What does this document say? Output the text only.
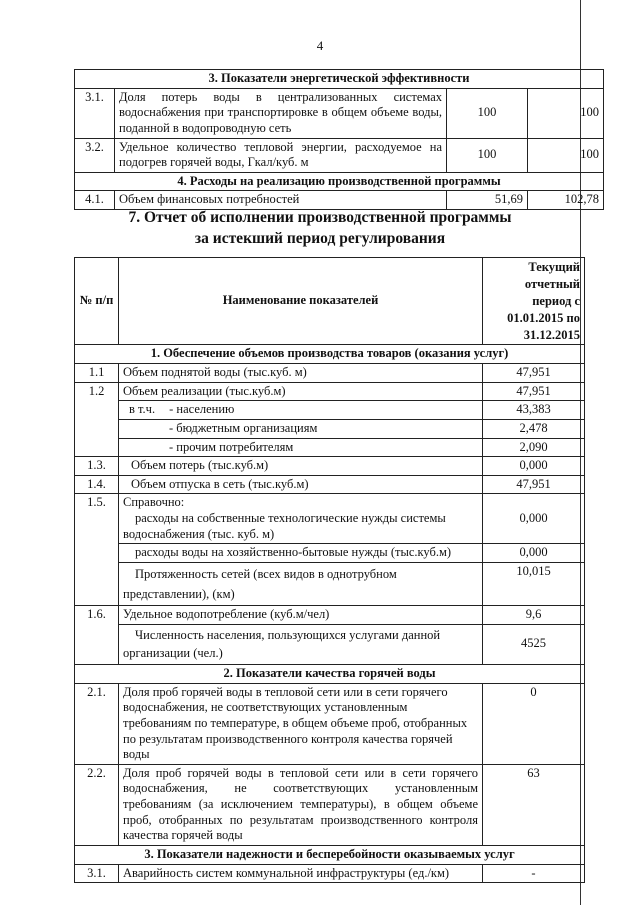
4
3. Показатели энергетической эффективности			
3.1.	Доля потерь воды в централизованных системах водоснабжения при транспортировке в общем объеме воды, поданной в водопроводную сеть	100	100
3.2.	Удельное количество тепловой энергии, расходуемое на подогрев горячей воды, Гкал/куб. м	100	100
4. Расходы на реализацию производственной программы			
4.1.	Объем финансовых потребностей	51,69	102,78
7. Отчет об исполнении производственной программы
за истекший период регулирования
№ п/п	Наименование показателей	Текущий отчетный период с 01.01.2015 по 31.12.2015
1. Обеспечение объемов производства товаров (оказания услуг)		
1.1	Объем поднятой воды (тыс.куб. м)	47,951
1.2	Объем реализации (тыс.куб.м)	47,951
	в т.ч. - населению	43,383
	- бюджетным организациям	2,478
	- прочим потребителям	2,090
1.3.	Объем потерь (тыс.куб.м)	0,000
1.4.	Объем отпуска в сеть (тыс.куб.м)	47,951
1.5.	Справочно:
расходы на собственные технологические нужды системы водоснабжения (тыс. куб. м)	0,000
	расходы воды на хозяйственно-бытовые нужды (тыс.куб.м)	0,000
	Протяженность сетей (всех видов в однотрубном представлении), (км)	10,015
1.6.	Удельное водопотребление (куб.м/чел)	9,6
	Численность населения, пользующихся услугами данной организации (чел.)	4525
2. Показатели качества горячей воды		
2.1.	Доля проб горячей воды в тепловой сети или в сети горячего водоснабжения, не соответствующих установленным требованиям по температуре, в общем объеме проб, отобранных по результатам производственного контроля качества горячей воды	0
2.2.	Доля проб горячей воды в тепловой сети или в сети горячего водоснабжения, не соответствующих установленным требованиям (за исключением температуры), в общем объеме проб, отобранных по результатам производственного контроля качества горячей воды	63
3. Показатели надежности и бесперебойности оказываемых услуг		
3.1.	Аварийность систем коммунальной инфраструктуры (ед./км)	-
